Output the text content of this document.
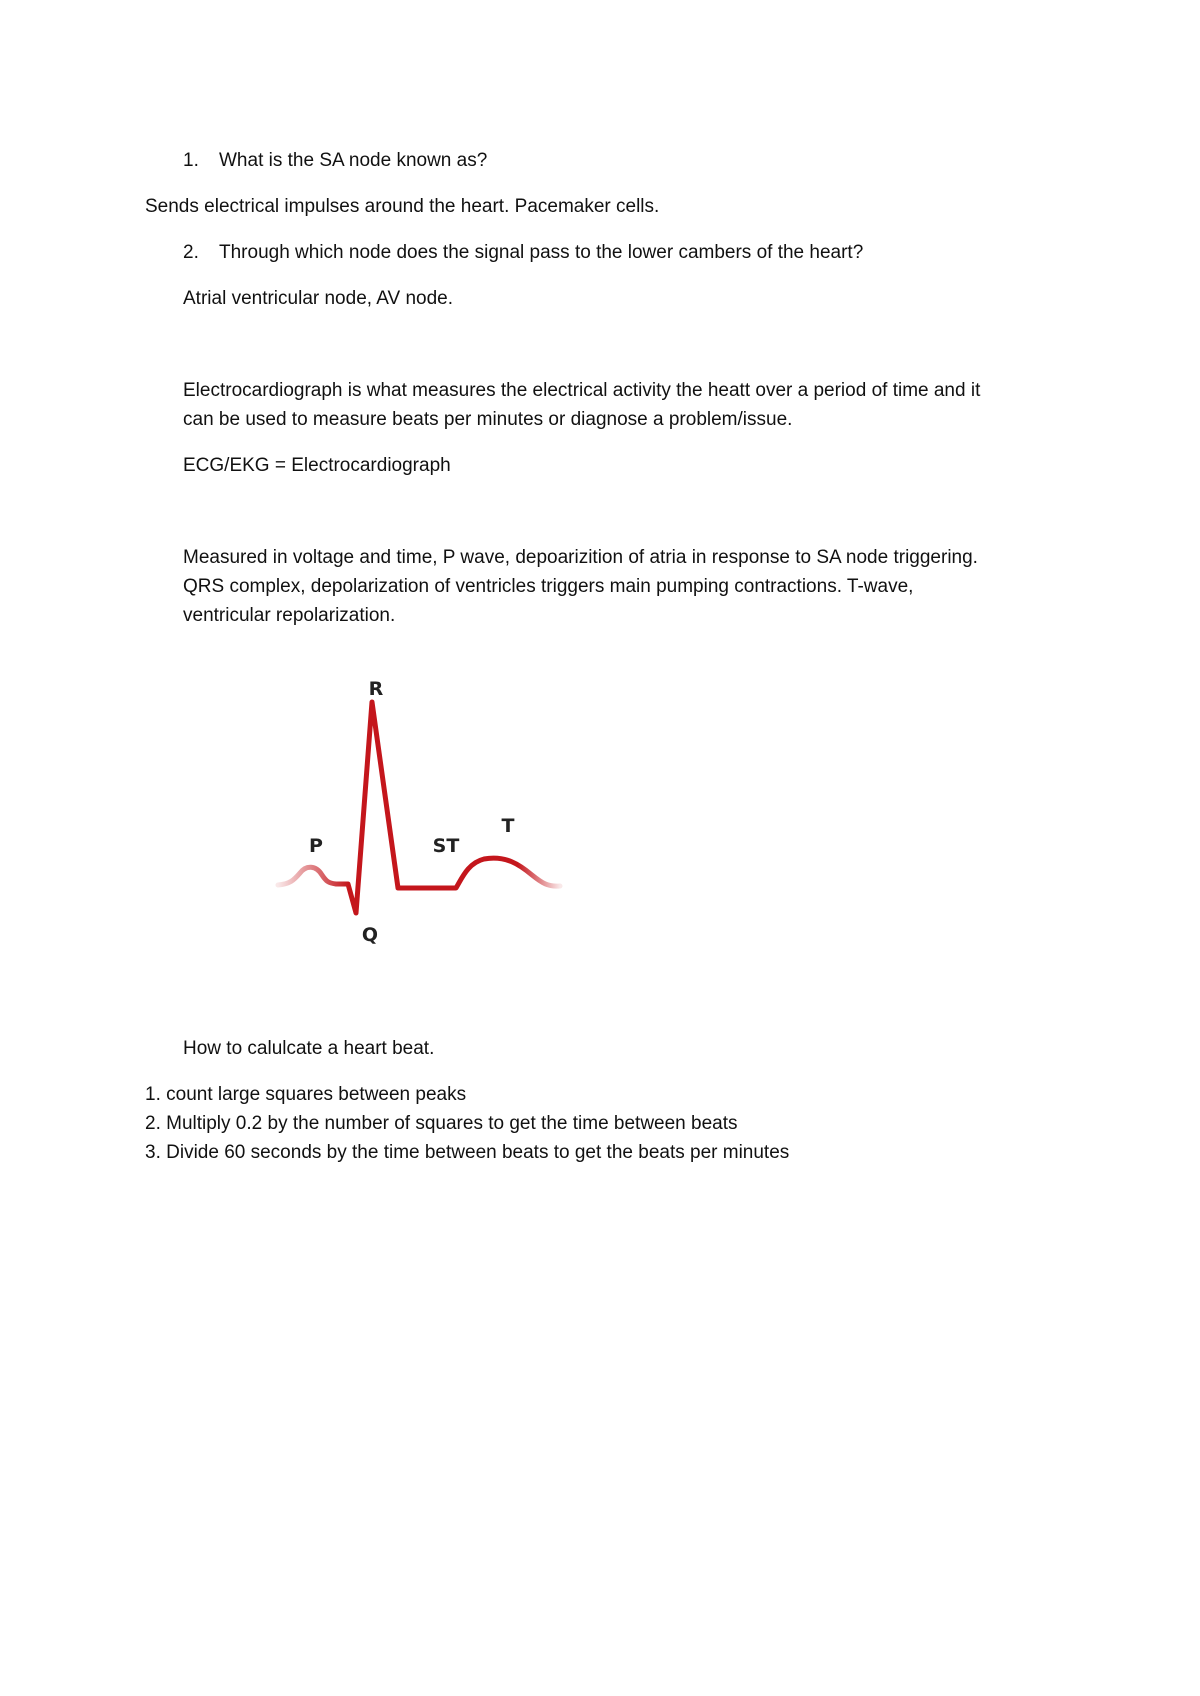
1. What is the SA node known as?
Sends electrical impulses around the heart. Pacemaker cells.
2. Through which node does the signal pass to the lower cambers of the heart?
Atrial ventricular node, AV node.
Electrocardiograph is what measures the electrical activity the heatt over a period of time and it
can be used to measure beats per minutes or diagnose a problem/issue.
ECG/EKG = Electrocardiograph
Measured in voltage and time, P wave, depoarizition of atria in response to SA node triggering.
QRS complex, depolarization of ventricles triggers main pumping contractions. T-wave,
ventricular repolarization.
R
P	ST
T
Q
How to calulcate a heart beat.
1. count large squares between peaks
2. Multiply 0.2 by the number of squares to get the time between beats
3. Divide 60 seconds by the time between beats to get the beats per minutes
